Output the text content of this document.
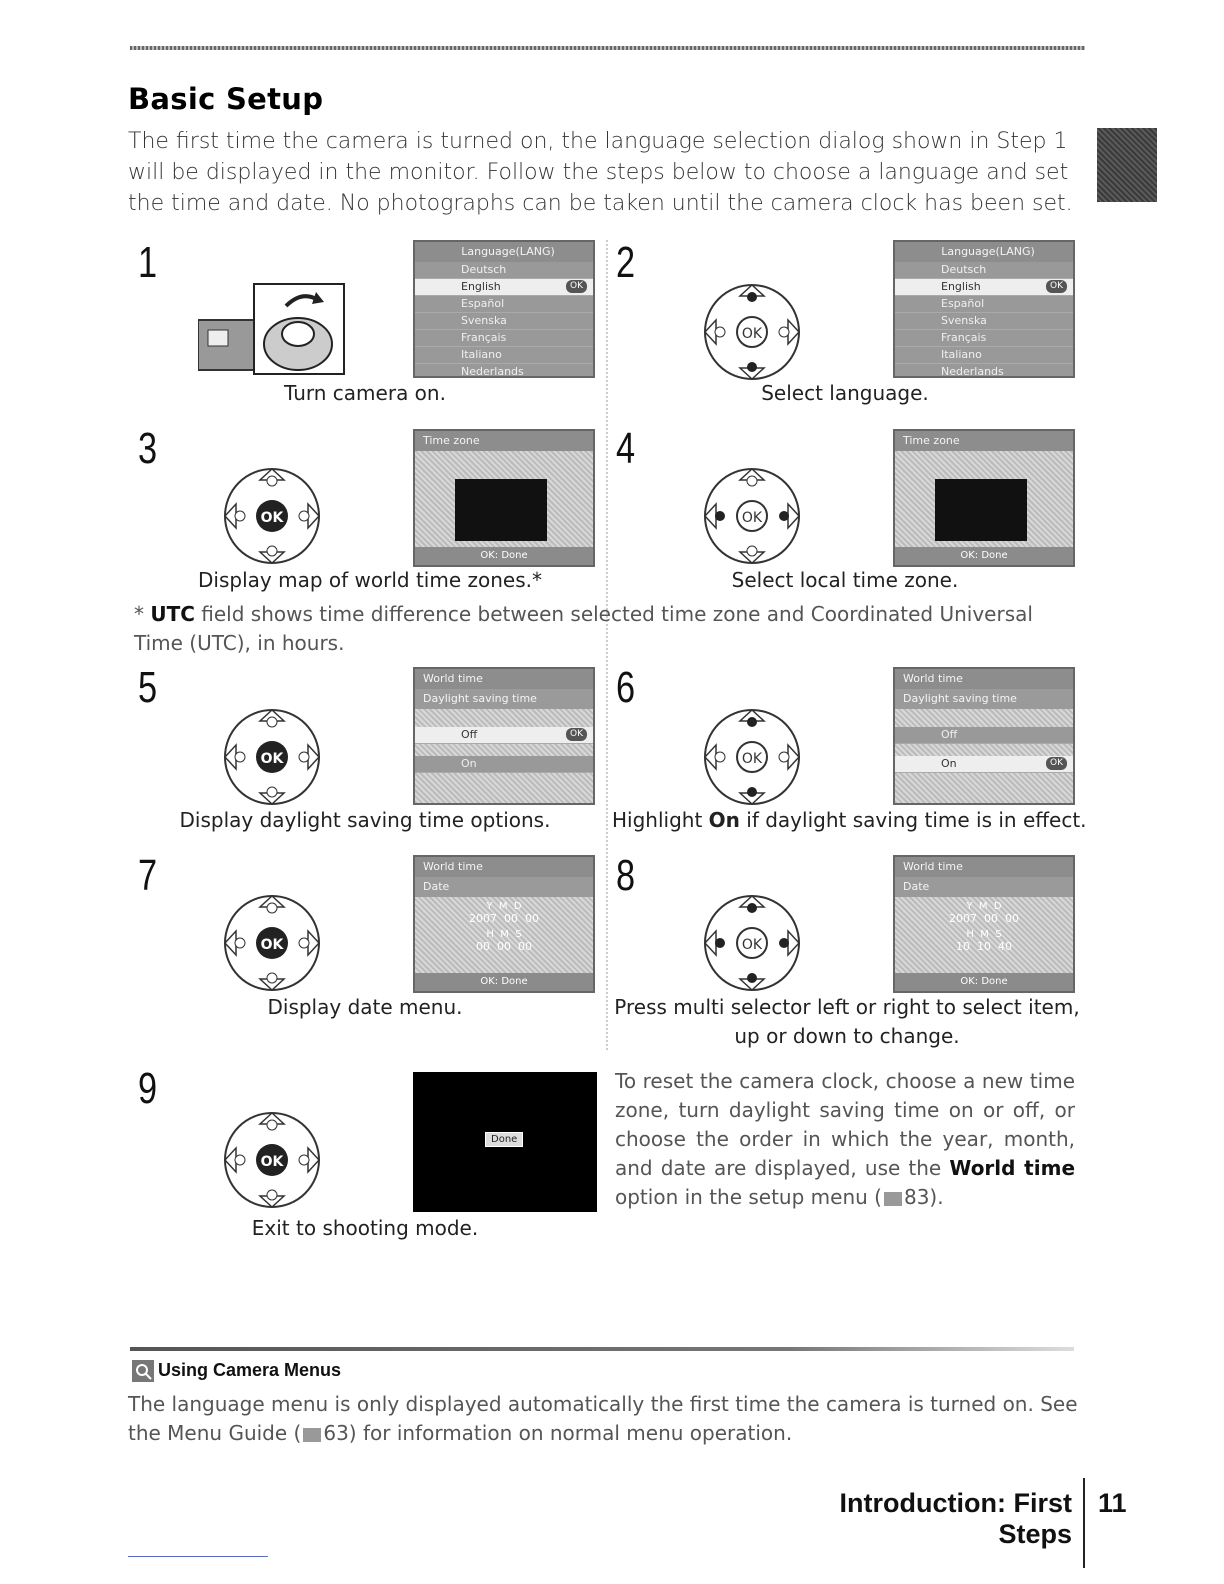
Basic Setup
The first time the camera is turned on, the language selection dialog shown in Step 1 will be displayed in the monitor. Follow the steps below to choose a language and set the time and date. No photographs can be taken until the camera clock has been set.
1	Language(LANG)
Deutsch
English	OK
Español
Svenska
Français
Italiano
Nederlands
Turn camera on.
2
OK
Language(LANG)
Deutsch
English	OK
Español
Svenska
Français
Italiano
Nederlands
Select language.
3
OK
Time zone
OK: Done
Display map of world time zones.*
4
OK
Time zone
OK: Done
Select local time zone.
* UTC field shows time difference between selected time zone and Coordinated Universal Time (UTC), in hours.
5
OK
World time
Daylight saving time
Off	OK
On
Display daylight saving time options.
6
OK
World time
Daylight saving time
Off
On	OK
Highlight On if daylight saving time is in effect.
7
OK
World time
Date
Y  M  D
2007  00  00
H  M  S
00  00  00
OK: Done
Display date menu.
8
OK
World time
Date
Y  M  D
2007  00  00
H  M  S
10  10  40
OK: Done
Press multi selector left or right to select item,
up or down to change.
9
OK
Done
Exit to shooting mode.
To reset the camera clock, choose a new time zone, turn daylight saving time on or off, or choose the order in which the year, month, and date are displayed, use the World time option in the setup menu ( 83).
Using Camera Menus
The language menu is only displayed automatically the first time the camera is turned on. See the Menu Guide ( 63) for information on normal menu operation.
Introduction: First Steps
11
